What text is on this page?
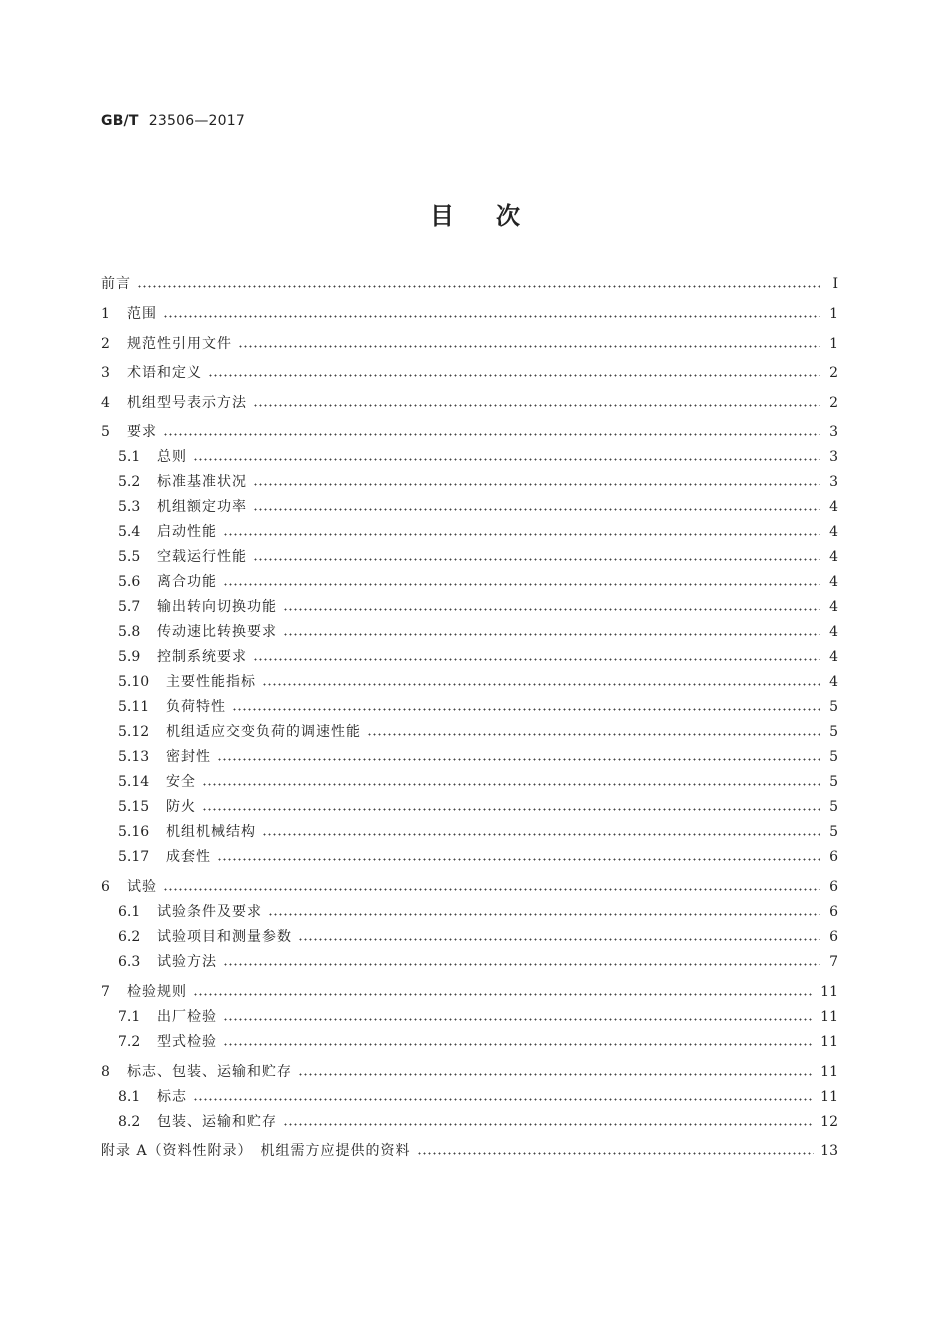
GB/T 23506—2017
目次
前言	I
1 范围	1
2 规范性引用文件	1
3 术语和定义	2
4 机组型号表示方法	2
5 要求	3
5.1 总则	3
5.2 标准基准状况	3
5.3 机组额定功率	4
5.4 启动性能	4
5.5 空载运行性能	4
5.6 离合功能	4
5.7 输出转向切换功能	4
5.8 传动速比转换要求	4
5.9 控制系统要求	4
5.10 主要性能指标	4
5.11 负荷特性	5
5.12 机组适应交变负荷的调速性能	5
5.13 密封性	5
5.14 安全	5
5.15 防火	5
5.16 机组机械结构	5
5.17 成套性	6
6 试验	6
6.1 试验条件及要求	6
6.2 试验项目和测量参数	6
6.3 试验方法	7
7 检验规则	11
7.1 出厂检验	11
7.2 型式检验	11
8 标志、包装、运输和贮存	11
8.1 标志	11
8.2 包装、运输和贮存	12
附录 A（资料性附录）　机组需方应提供的资料	13
